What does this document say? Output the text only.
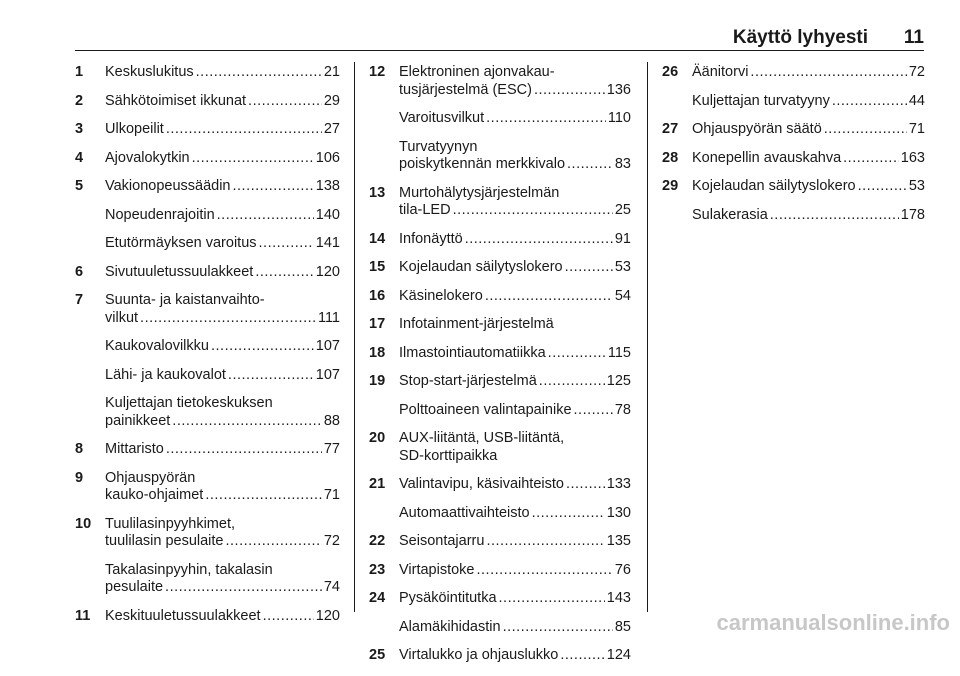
Käyttö lyhyesti 11
1 Keskuslukitus .....	21
2 Sähkötoimiset ikkunat .....	29
3 Ulkopeilit .....	27
4 Ajovalokytkin .....	106
5 Vakionopeussäädin .....	138
Nopeudenrajoitin .....	140
Etutörmäyksen varoitus .....	141
6 Sivutuuletussuulakkeet .....	120
7 Suunta- ja kaistanvaihto-
vilkut .....	111
Kaukovalovilkku .....	107
Lähi- ja kaukovalot .....	107
Kuljettajan tietokeskuksen
painikkeet .....	88
8 Mittaristo .....	77
9 Ohjauspyörän
kauko-ohjaimet .....	71
10 Tuulilasinpyyhkimet,
tuulilasin pesulaite .....	72
Takalasinpyyhin, takalasin
pesulaite .....	74
11 Keskituuletussuulakkeet .....	120
12 Elektroninen ajonvakau-
tusjärjestelmä (ESC) .....	136
Varoitusvilkut .....	110
Turvatyynyn
poiskytkennän merkkivalo .....	83
13 Murtohälytysjärjestelmän
tila-LED .....	25
14 Infonäyttö .....	91
15 Kojelaudan säilytyslokero .....	53
16 Käsinelokero .....	54
17 Infotainment-järjestelmä
18 Ilmastointiautomatiikka .....	115
19 Stop-start-järjestelmä .....	125
Polttoaineen valintapainike .....	78
20 AUX-liitäntä, USB-liitäntä,
SD-korttipaikka
21 Valintavipu, käsivaihteisto .....	133
Automaattivaihteisto .....	130
22 Seisontajarru .....	135
23 Virtapistoke .....	76
24 Pysäköintitutka .....	143
Alamäkihidastin .....	85
25 Virtalukko ja ohjauslukko .....	124
26 Äänitorvi .....	72
Kuljettajan turvatyyny .....	44
27 Ohjauspyörän säätö .....	71
28 Konepellin avauskahva .....	163
29 Kojelaudan säilytyslokero .....	53
Sulakerasia .....	178
carmanualsonline.info
